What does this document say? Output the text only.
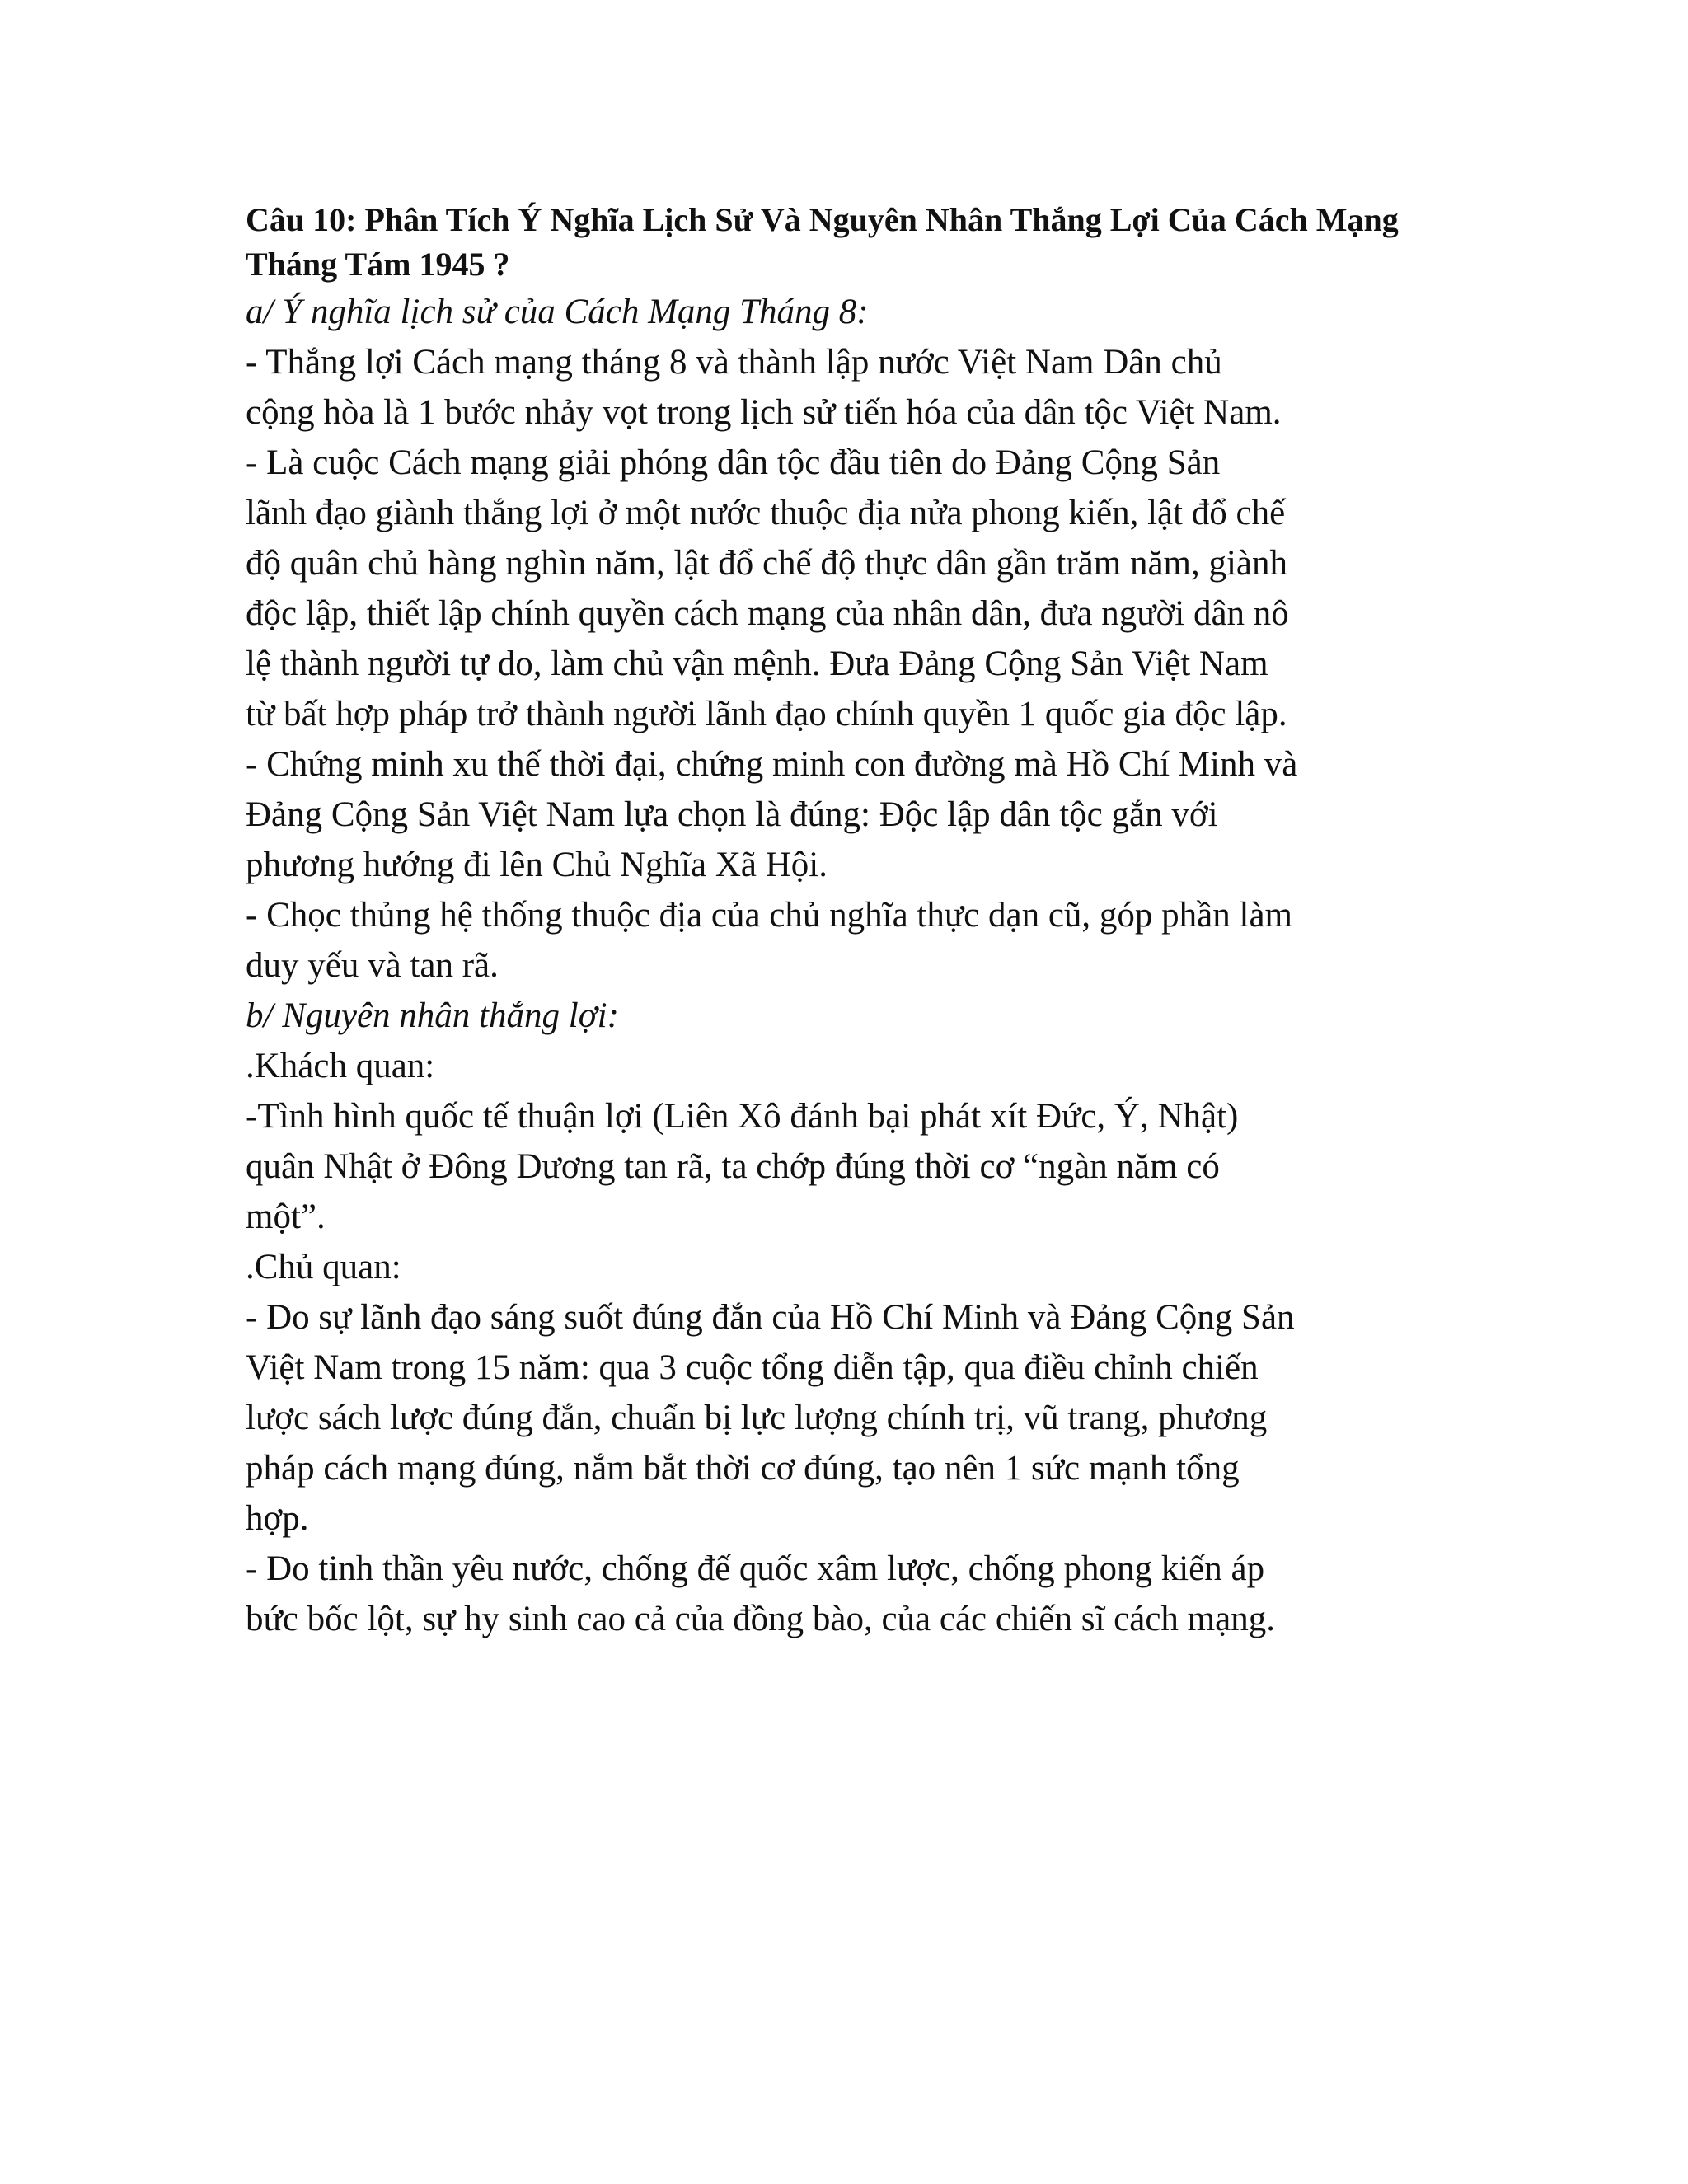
Câu 10: Phân Tích Ý Nghĩa Lịch Sử Và Nguyên Nhân Thắng Lợi Của Cách Mạng
Tháng Tám 1945 ?

a/ Ý nghĩa lịch sử của Cách Mạng Tháng 8:

- Thắng lợi Cách mạng tháng 8 và thành lập nước Việt Nam Dân chủ

cộng hòa là 1 bước nhảy vọt trong lịch sử tiến hóa của dân tộc Việt Nam.

- Là cuộc Cách mạng giải phóng dân tộc đầu tiên do Đảng Cộng Sản

lãnh đạo giành thắng lợi ở một nước thuộc địa nửa phong kiến, lật đổ chế

độ quân chủ hàng nghìn năm, lật đổ chế độ thực dân gần trăm năm, giành

độc lập, thiết lập chính quyền cách mạng của nhân dân, đưa người dân nô

lệ thành người tự do, làm chủ vận mệnh. Đưa Đảng Cộng Sản Việt Nam

từ bất hợp pháp trở thành người lãnh đạo chính quyền 1 quốc gia độc lập.

- Chứng minh xu thế thời đại, chứng minh con đường mà Hồ Chí Minh và

Đảng Cộng Sản Việt Nam lựa chọn là đúng: Độc lập dân tộc gắn với

phương hướng đi lên Chủ Nghĩa Xã Hội.

- Chọc thủng hệ thống thuộc địa của chủ nghĩa thực dạn cũ, góp phần làm

duy yếu và tan rã.

b/ Nguyên nhân thắng lợi:

.Khách quan:

-Tình hình quốc tế thuận lợi (Liên Xô đánh bại phát xít Đức, Ý, Nhật)

quân Nhật ở Đông Dương tan rã, ta chớp đúng thời cơ “ngàn năm có

một”.

.Chủ quan:

- Do sự lãnh đạo sáng suốt đúng đắn của Hồ Chí Minh và Đảng Cộng Sản

Việt Nam trong 15 năm: qua 3 cuộc tổng diễn tập, qua điều chỉnh chiến

lược sách lược đúng đắn, chuẩn bị lực lượng chính trị, vũ trang, phương

pháp cách mạng đúng, nắm bắt thời cơ đúng, tạo nên 1 sức mạnh tổng

hợp.

- Do tinh thần yêu nước, chống đế quốc xâm lược, chống phong kiến áp

bức bốc lột, sự hy sinh cao cả của đồng bào, của các chiến sĩ cách mạng.
